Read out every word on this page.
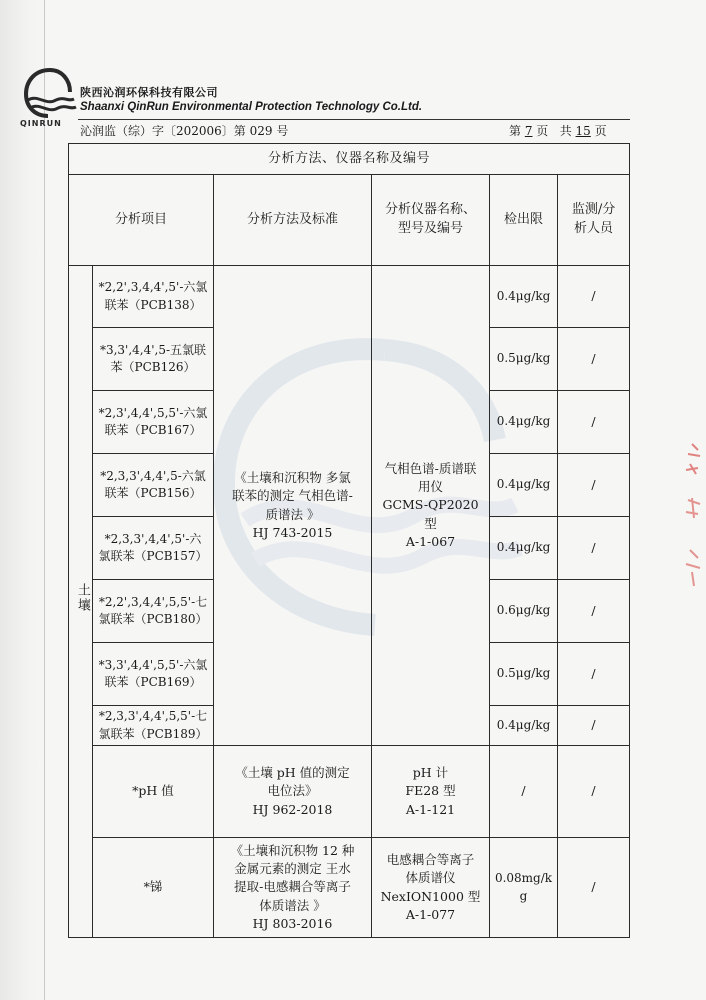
QINRUN
陕西沁润环保科技有限公司
Shaanxi QinRun Environmental Protection Technology Co.Ltd.
沁润监（综）字〔202006〕第 029 号	第 7 页   共 15 页
分析方法、仪器名称及编号					
分析项目		分析方法及标准	分析仪器名称、
型号及编号	检出限	监测/分
析人员
土壤	*2,2',3,4,4',5'-六氯
联苯（PCB138）	《土壤和沉积物 多氯
联苯的测定 气相色谱-
质谱法 》
HJ 743-2015	气相色谱-质谱联
用仪
GCMS-QP2020
型
A-1-067	0.4μg/kg	/
	*3,3',4,4',5-五氯联
苯（PCB126）			0.5μg/kg	/
	*2,3',4,4',5,5'-六氯
联苯（PCB167）			0.4μg/kg	/
	*2,3,3',4,4',5-六氯
联苯（PCB156）			0.4μg/kg	/
	*2,3,3',4,4',5'-六
氯联苯（PCB157）			0.4μg/kg	/
	*2,2',3,4,4',5,5'-七
氯联苯（PCB180）			0.6μg/kg	/
	*3,3',4,4',5,5'-六氯
联苯（PCB169）			0.5μg/kg	/
	*2,3,3',4,4',5,5'-七
氯联苯（PCB189）			0.4μg/kg	/
	*pH 值	《土壤 pH 值的测定
电位法》
HJ 962-2018	pH 计
FE28 型
A-1-121	/	/
	*锑	《土壤和沉积物 12 种
金属元素的测定 王水
提取-电感耦合等离子
体质谱法 》
HJ 803-2016	电感耦合等离子
体质谱仪
NexION1000 型
A-1-077	0.08mg/k
g	/
